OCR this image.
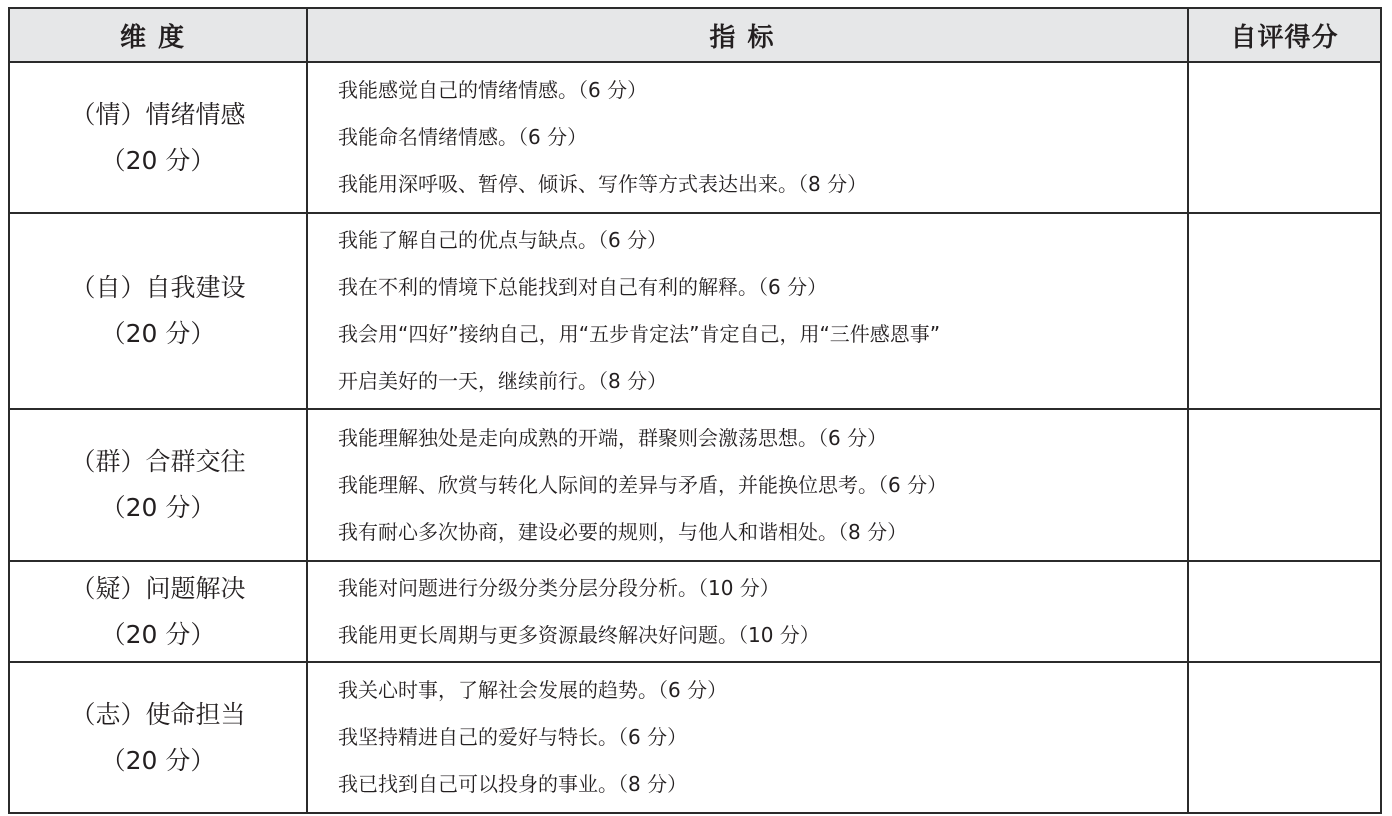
维度	指标	自评得分

（情）情绪情感
（20 分）	我能感觉自己的情绪情感。（6 分）
我能命名情绪情感。（6 分）
我能用深呼吸、暂停、倾诉、写作等方式表达出来。（8 分）	

（自）自我建设
（20 分）	我能了解自己的优点与缺点。（6 分）
我在不利的情境下总能找到对自己有利的解释。（6 分）
我会用“四好”接纳自己，用“五步肯定法”肯定自己，用“三件感恩事”
开启美好的一天，继续前行。（8 分）	

（群）合群交往
（20 分）	我能理解独处是走向成熟的开端，群聚则会激荡思想。（6 分）
我能理解、欣赏与转化人际间的差异与矛盾，并能换位思考。（6 分）
我有耐心多次协商，建设必要的规则，与他人和谐相处。（8 分）	

（疑）问题解决
（20 分）	我能对问题进行分级分类分层分段分析。（10 分）
我能用更长周期与更多资源最终解决好问题。（10 分）	

（志）使命担当
（20 分）	我关心时事，了解社会发展的趋势。（6 分）
我坚持精进自己的爱好与特长。（6 分）
我已找到自己可以投身的事业。（8 分）	
